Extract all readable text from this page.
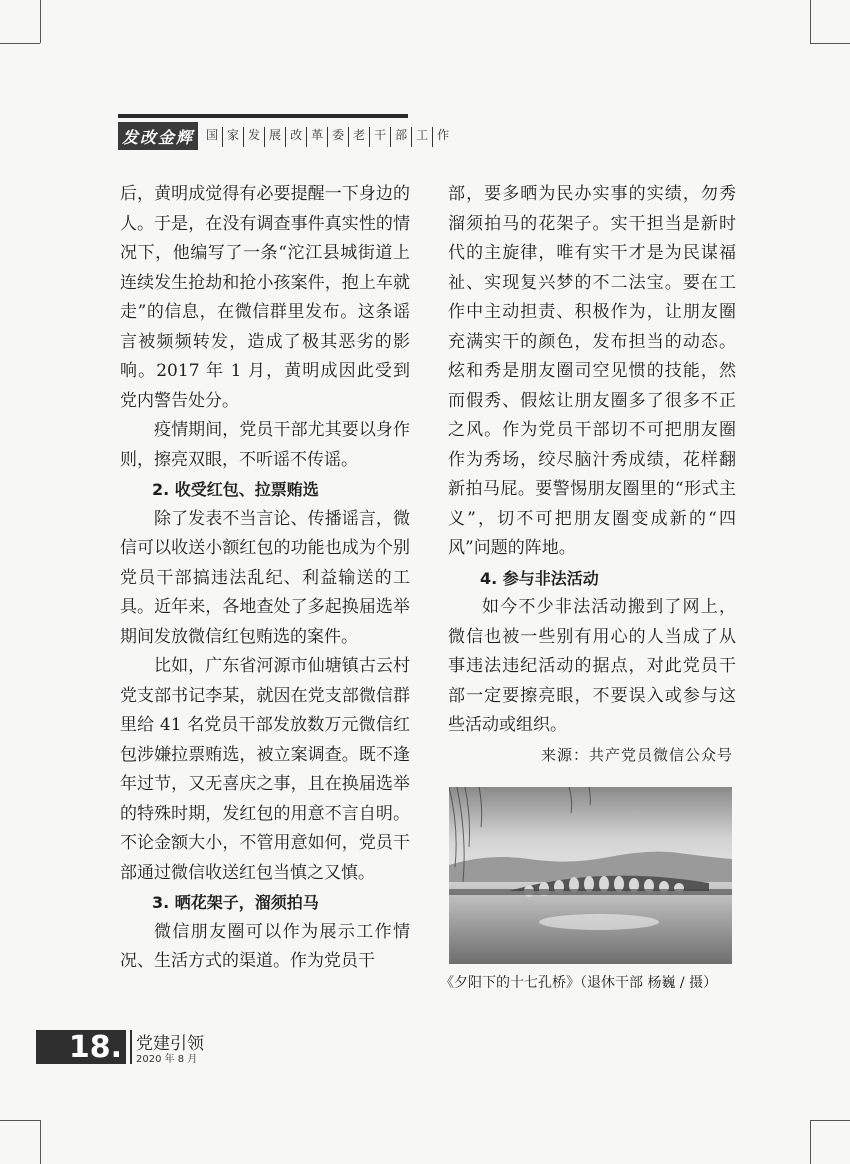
发改金辉	国 家 发 展 改 革 委 老 干 部 工 作

后，黄明成觉得有必要提醒一下身边的人。于是，在没有调查事件真实性的情况下，他编写了一条“沱江县城街道上连续发生抢劫和抢小孩案件，抱上车就走”的信息，在微信群里发布。这条谣言被频频转发，造成了极其恶劣的影响。2017 年 1 月，黄明成因此受到党内警告处分。

疫情期间，党员干部尤其要以身作则，擦亮双眼，不听谣不传谣。

2. 收受红包、拉票贿选

除了发表不当言论、传播谣言，微信可以收送小额红包的功能也成为个别党员干部搞违法乱纪、利益输送的工具。近年来，各地查处了多起换届选举期间发放微信红包贿选的案件。

比如，广东省河源市仙塘镇古云村党支部书记李某，就因在党支部微信群里给 41 名党员干部发放数万元微信红包涉嫌拉票贿选，被立案调查。既不逢年过节，又无喜庆之事，且在换届选举的特殊时期，发红包的用意不言自明。不论金额大小，不管用意如何，党员干部通过微信收送红包当慎之又慎。

3. 晒花架子，溜须拍马

微信朋友圈可以作为展示工作情况、生活方式的渠道。作为党员干

部，要多晒为民办实事的实绩，勿秀溜须拍马的花架子。实干担当是新时代的主旋律，唯有实干才是为民谋福祉、实现复兴梦的不二法宝。要在工作中主动担责、积极作为，让朋友圈充满实干的颜色，发布担当的动态。炫和秀是朋友圈司空见惯的技能，然而假秀、假炫让朋友圈多了很多不正之风。作为党员干部切不可把朋友圈作为秀场，绞尽脑汁秀成绩，花样翻新拍马屁。要警惕朋友圈里的“形式主义”，切不可把朋友圈变成新的“四风”问题的阵地。

4. 参与非法活动

如今不少非法活动搬到了网上，微信也被一些别有用心的人当成了从事违法违纪活动的据点，对此党员干部一定要擦亮眼，不要误入或参与这些活动或组织。

来源：共产党员微信公众号
《夕阳下的十七孔桥》（退休干部 杨巍 / 摄）
18. 党建引领
2020 年 8 月
